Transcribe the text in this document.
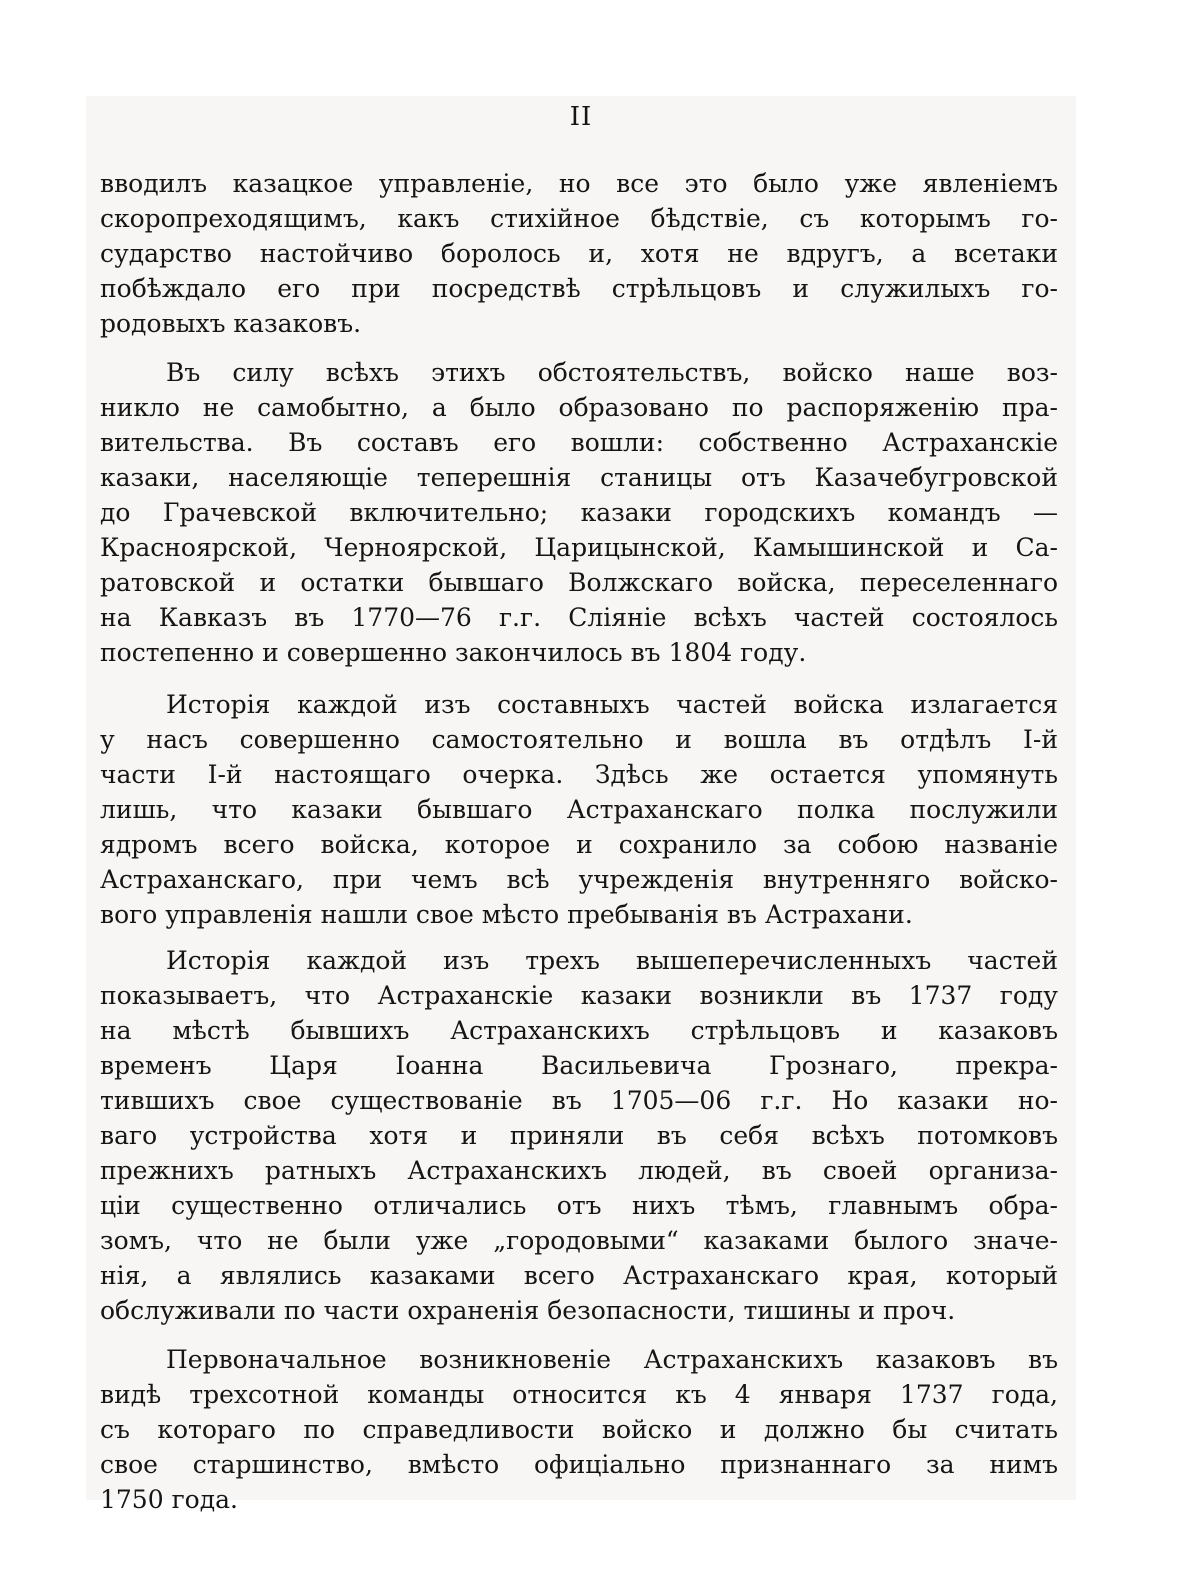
II
вводилъ казацкое управленіе, но все это было уже явленіемъ
скоропреходящимъ, какъ стихійное бѣдствіе, съ которымъ го-
сударство настойчиво боролось и, хотя не вдругъ, а всетаки
побѣждало его при посредствѣ стрѣльцовъ и служилыхъ го-
родовыхъ казаковъ.
Въ силу всѣхъ этихъ обстоятельствъ, войско наше воз-
никло не самобытно, а было образовано по распоряженію пра-
вительства. Въ составъ его вошли: собственно Астраханскіе
казаки, населяющіе теперешнія станицы отъ Казачебугровской
до Грачевской включительно; казаки городскихъ командъ —
Красноярской, Черноярской, Царицынской, Камышинской и Са-
ратовской и остатки бывшаго Волжскаго войска, переселеннаго
на Кавказъ въ 1770—76 г.г. Сліяніе всѣхъ частей состоялось
постепенно и совершенно закончилось въ 1804 году.
Исторія каждой изъ составныхъ частей войска излагается
у насъ совершенно самостоятельно и вошла въ отдѣлъ І-й
части І-й настоящаго очерка. Здѣсь же остается упомянуть
лишь, что казаки бывшаго Астраханскаго полка послужили
ядромъ всего войска, которое и сохранило за собою названіе
Астраханскаго, при чемъ всѣ учрежденія внутренняго войско-
вого управленія нашли свое мѣсто пребыванія въ Астрахани.
Исторія каждой изъ трехъ вышеперечисленныхъ частей
показываетъ, что Астраханскіе казаки возникли въ 1737 году
на мѣстѣ бывшихъ Астраханскихъ стрѣльцовъ и казаковъ
временъ Царя Іоанна Васильевича Грознаго, прекра-
тившихъ свое существованіе въ 1705—06 г.г. Но казаки но-
ваго устройства хотя и приняли въ себя всѣхъ потомковъ
прежнихъ ратныхъ Астраханскихъ людей, въ своей организа-
ціи существенно отличались отъ нихъ тѣмъ, главнымъ обра-
зомъ, что не были уже „городовыми“ казаками былого значе-
нія, а являлись казаками всего Астраханскаго края, который
обслуживали по части охраненія безопасности, тишины и проч.
Первоначальное возникновеніе Астраханскихъ казаковъ въ
видѣ трехсотной команды относится къ 4 января 1737 года,
съ котораго по справедливости войско и должно бы считать
свое старшинство, вмѣсто офиціально признаннаго за нимъ
1750 года.
